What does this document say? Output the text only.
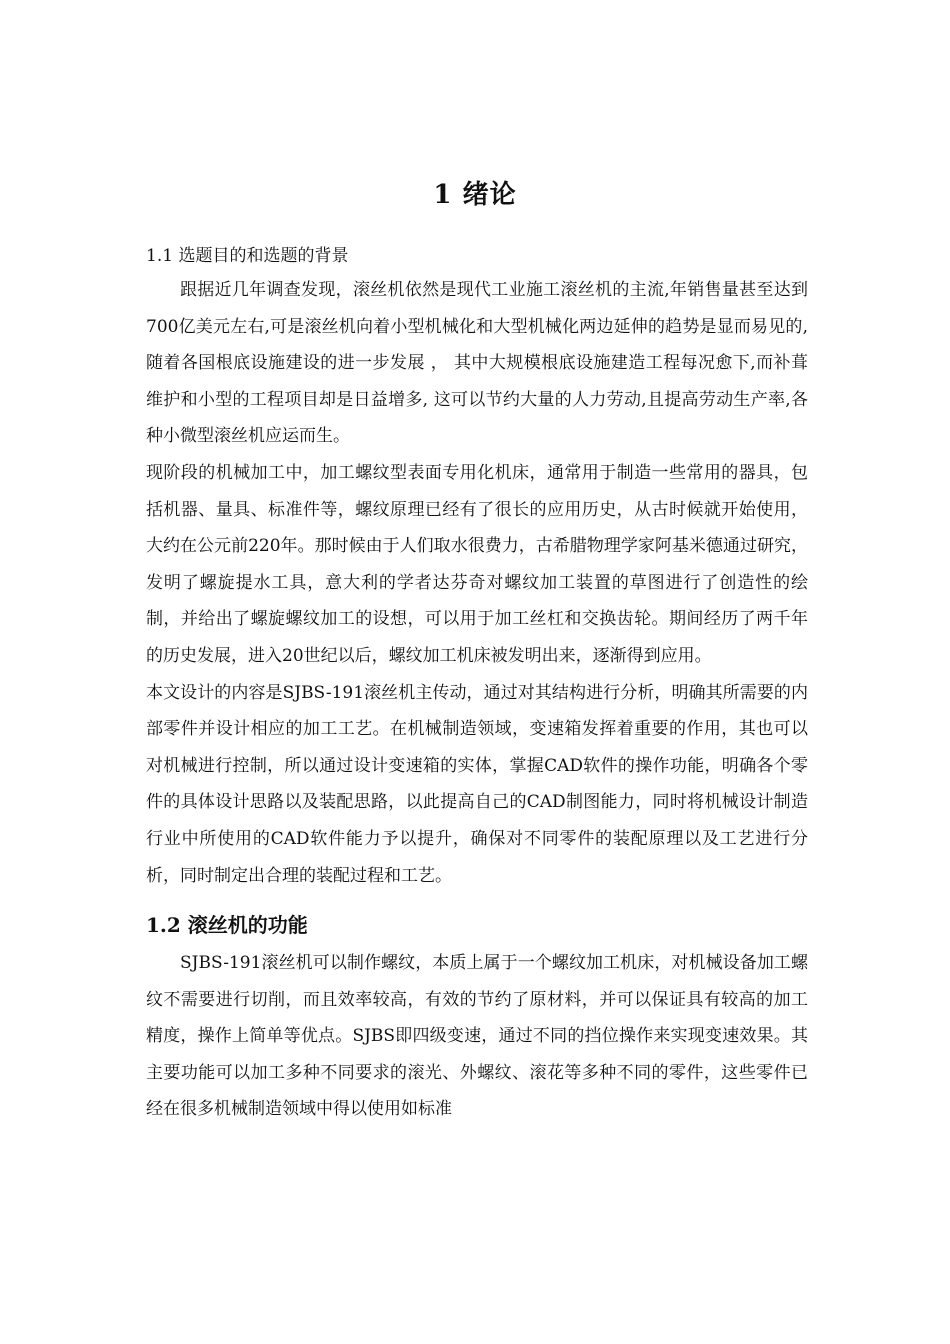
1 绪论

1.1 选题目的和选题的背景

跟据近几年调查发现，滚丝机依然是现代工业施工滚丝机的主流,年销售量甚至达到700亿美元左右,可是滚丝机向着小型机械化和大型机械化两边延伸的趋势是显而易见的,随着各国根底设施建设的进一步发展 ， 其中大规模根底设施建造工程每况愈下,而补葺维护和小型的工程项目却是日益增多, 这可以节约大量的人力劳动,且提高劳动生产率,各种小微型滚丝机应运而生。

现阶段的机械加工中，加工螺纹型表面专用化机床，通常用于制造一些常用的器具，包括机器、量具、标准件等，螺纹原理已经有了很长的应用历史，从古时候就开始使用，大约在公元前220年。那时候由于人们取水很费力，古希腊物理学家阿基米德通过研究，发明了螺旋提水工具，意大利的学者达芬奇对螺纹加工装置的草图进行了创造性的绘制，并给出了螺旋螺纹加工的设想，可以用于加工丝杠和交换齿轮。期间经历了两千年的历史发展，进入20世纪以后，螺纹加工机床被发明出来，逐渐得到应用。

本文设计的内容是SJBS-191滚丝机主传动，通过对其结构进行分析，明确其所需要的内部零件并设计相应的加工工艺。在机械制造领域，变速箱发挥着重要的作用，其也可以对机械进行控制，所以通过设计变速箱的实体，掌握CAD软件的操作功能，明确各个零件的具体设计思路以及装配思路，以此提高自己的CAD制图能力，同时将机械设计制造行业中所使用的CAD软件能力予以提升，确保对不同零件的装配原理以及工艺进行分析，同时制定出合理的装配过程和工艺。

1.2 滚丝机的功能

SJBS-191滚丝机可以制作螺纹，本质上属于一个螺纹加工机床，对机械设备加工螺纹不需要进行切削，而且效率较高，有效的节约了原材料，并可以保证具有较高的加工精度，操作上简单等优点。SJBS即四级变速，通过不同的挡位操作来实现变速效果。其主要功能可以加工多种不同要求的滚光、外螺纹、滚花等多种不同的零件，这些零件已经在很多机械制造领域中得以使用如标准
